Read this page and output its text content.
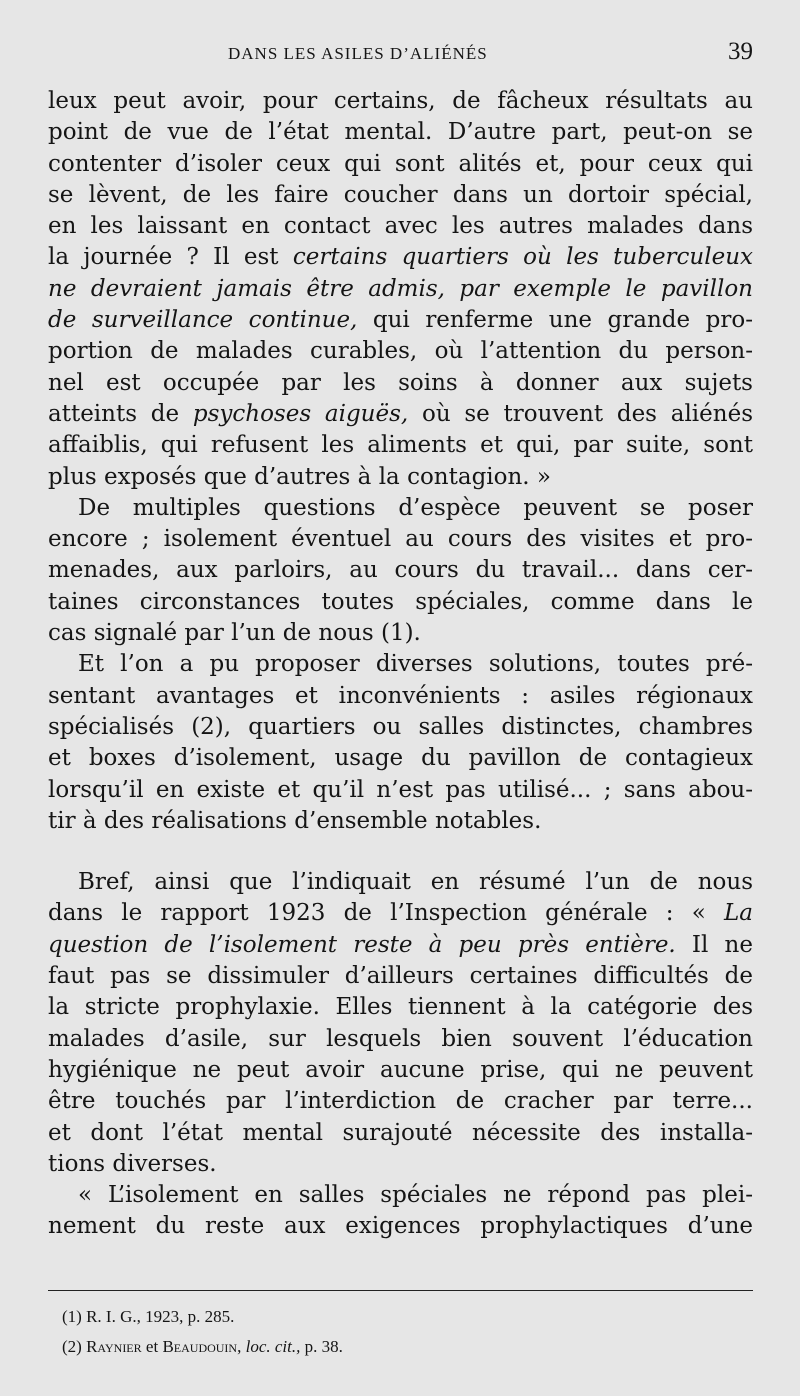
DANS LES ASILES D’ALIÉNÉS	39
leux peut avoir, pour certains, de fâcheux résultats au
point de vue de l’état mental. D’autre part, peut-on se
contenter d’isoler ceux qui sont alités et, pour ceux qui
se lèvent, de les faire coucher dans un dortoir spécial,
en les laissant en contact avec les autres malades dans
la journée ? Il est certains quartiers où les tuberculeux
ne devraient jamais être admis, par exemple le pavillon
de surveillance continue, qui renferme une grande pro-
portion de malades curables, où l’attention du person-
nel est occupée par les soins à donner aux sujets
atteints de psychoses aiguës, où se trouvent des aliénés
affaiblis, qui refusent les aliments et qui, par suite, sont
plus exposés que d’autres à la contagion. »
De multiples questions d’espèce peuvent se poser
encore ; isolement éventuel au cours des visites et pro-
menades, aux parloirs, au cours du travail... dans cer-
taines circonstances toutes spéciales, comme dans le
cas signalé par l’un de nous (1).
Et l’on a pu proposer diverses solutions, toutes pré-
sentant avantages et inconvénients : asiles régionaux
spécialisés (2), quartiers ou salles distinctes, chambres
et boxes d’isolement, usage du pavillon de contagieux
lorsqu’il en existe et qu’il n’est pas utilisé... ; sans abou-
tir à des réalisations d’ensemble notables.
Bref, ainsi que l’indiquait en résumé l’un de nous
dans le rapport 1923 de l’Inspection générale : « La
question de l’isolement reste à peu près entière. Il ne
faut pas se dissimuler d’ailleurs certaines difficultés de
la stricte prophylaxie. Elles tiennent à la catégorie des
malades d’asile, sur lesquels bien souvent l’éducation
hygiénique ne peut avoir aucune prise, qui ne peuvent
être touchés par l’interdiction de cracher par terre...
et dont l’état mental surajouté nécessite des installa-
tions diverses.
« L’isolement en salles spéciales ne répond pas plei-
nement du reste aux exigences prophylactiques d’une
(1) R. I. G., 1923, p. 285.
(2) Raynier et Beaudouin, loc. cit., p. 38.
